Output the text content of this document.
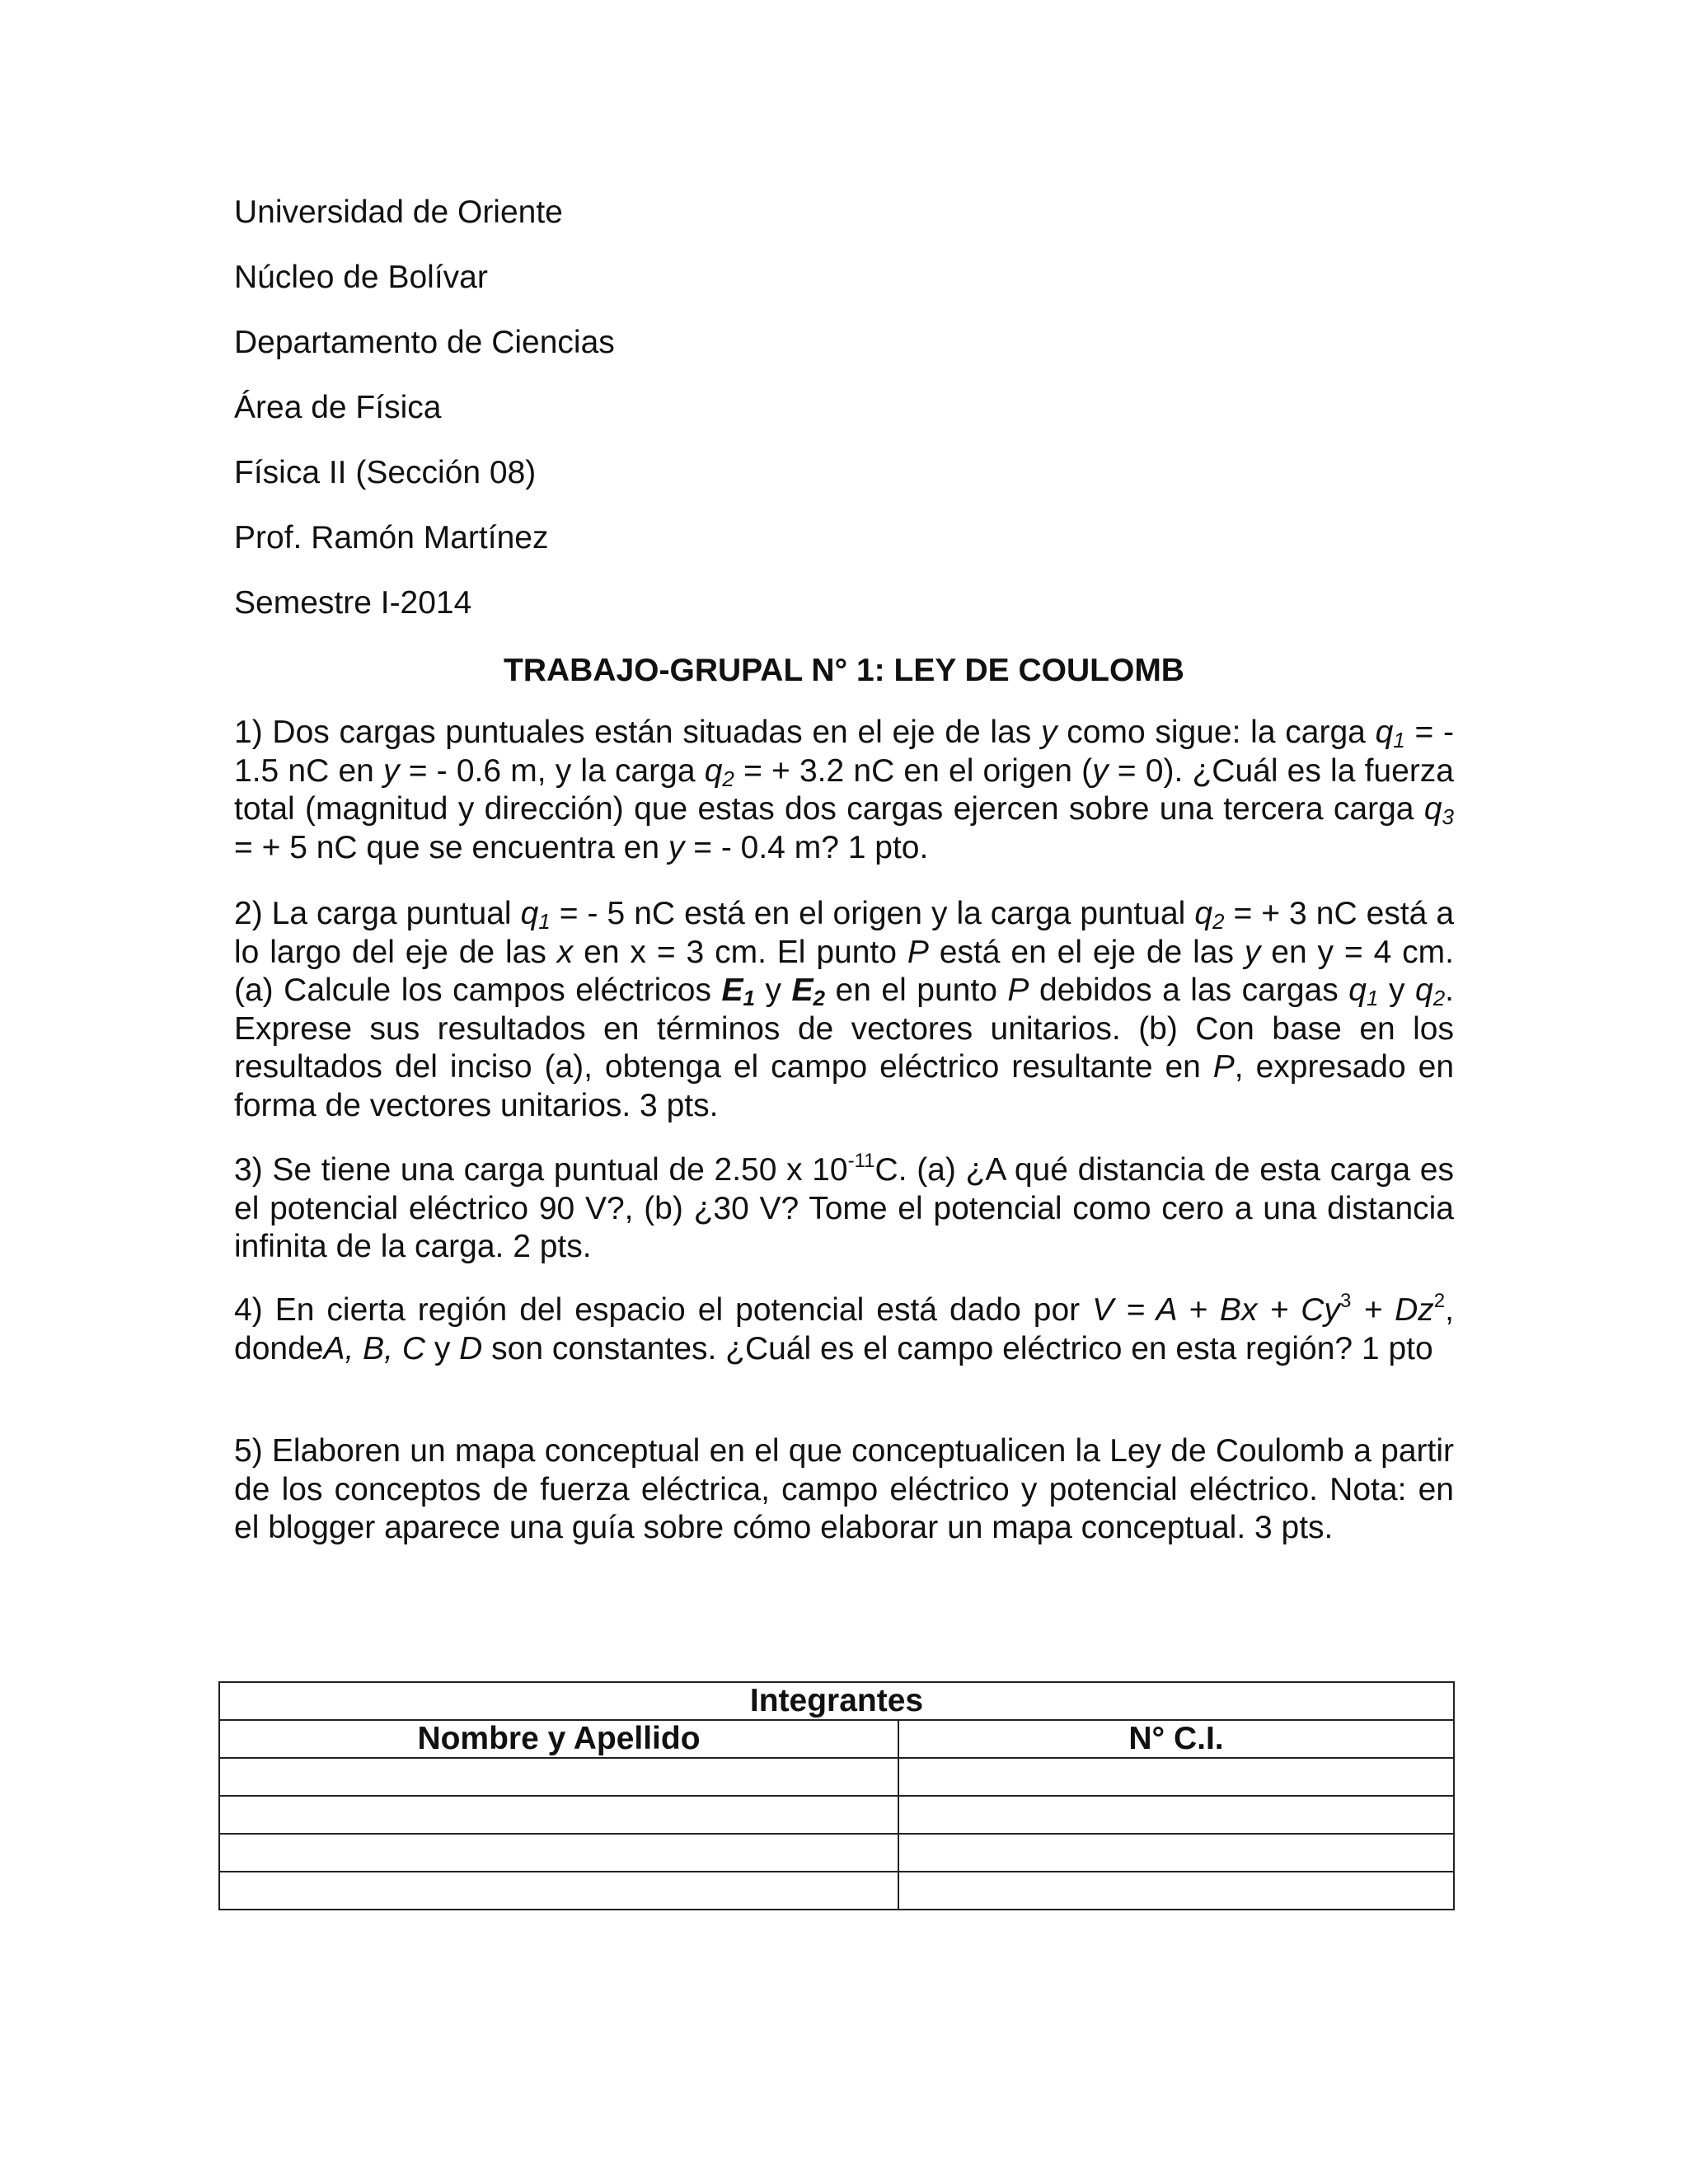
Universidad de Oriente
Núcleo de Bolívar
Departamento de Ciencias
Área de Física
Física II (Sección 08)
Prof. Ramón Martínez
Semestre I-2014
TRABAJO-GRUPAL N° 1: LEY DE COULOMB
1) Dos cargas puntuales están situadas en el eje de las y como sigue: la carga $q_1$ = - 1.5 nC en y = - 0.6 m, y la carga $q_2$ = + 3.2 nC en el origen (y = 0). ¿Cuál es la fuerza total (magnitud y dirección) que estas dos cargas ejercen sobre una tercera carga $q_3$ = + 5 nC que se encuentra en y = - 0.4 m? 1 pto.
2) La carga puntual $q_1$ = - 5 nC está en el origen y la carga puntual $q_2$ = + 3 nC está a lo largo del eje de las x en x = 3 cm. El punto P está en el eje de las y en y = 4 cm. (a) Calcule los campos eléctricos $E_1$ y $E_2$ en el punto P debidos a las cargas $q_1$ y $q_2$. Exprese sus resultados en términos de vectores unitarios. (b) Con base en los resultados del inciso (a), obtenga el campo eléctrico resultante en P, expresado en forma de vectores unitarios. 3 pts.
3) Se tiene una carga puntual de 2.50 x $10^{-11}C$. (a) ¿A qué distancia de esta carga es el potencial eléctrico 90 V?, (b) ¿30 V? Tome el potencial como cero a una distancia infinita de la carga. 2 pts.
4) En cierta región del espacio el potencial está dado por $V = A + Bx + Cy^3 + Dz^2$, dondeA, B, C y D son constantes. ¿Cuál es el campo eléctrico en esta región? 1 pto
5) Elaboren un mapa conceptual en el que conceptualicen la Ley de Coulomb a partir de los conceptos de fuerza eléctrica, campo eléctrico y potencial eléctrico. Nota: en el blogger aparece una guía sobre cómo elaborar un mapa conceptual. 3 pts.
Integrantes	
Nombre y Apellido	N° C.I.
